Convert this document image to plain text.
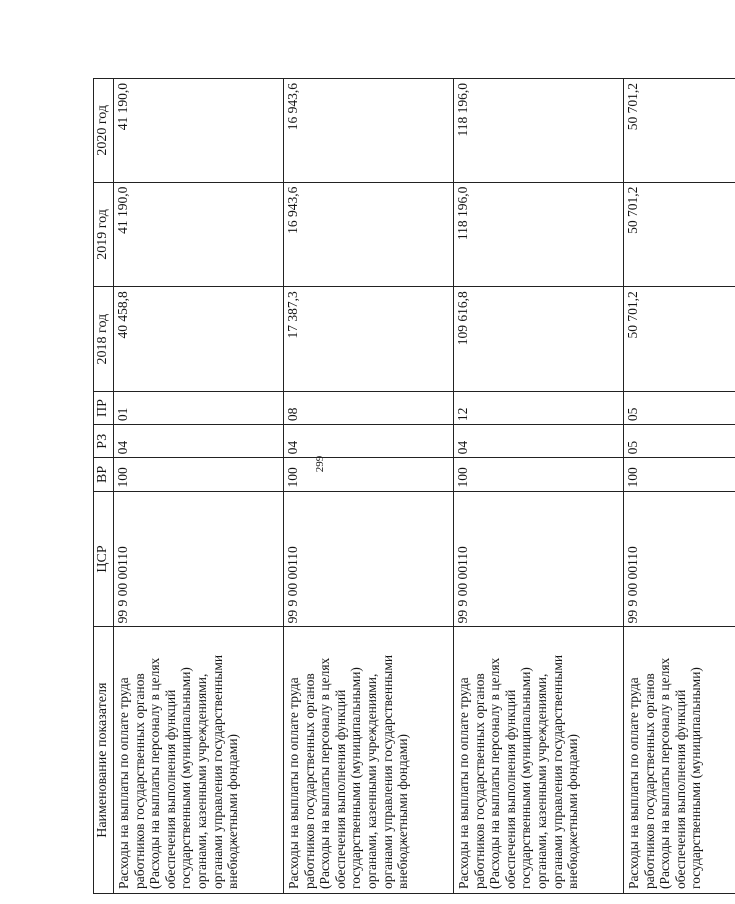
299
Наименование показателя	ЦСР	ВР	РЗ	ПР	2018 год	2019 год	2020 год
Расходы на выплаты по оплате труда работников государственных органов (Расходы на выплаты персоналу в целях обеспечения выполнения функций государственными (муниципальными) органами, казенными учреждениями, органами управления государственными внебюджетными фондами)	99 9 00 00110	100	04	01	40 458,8	41 190,0	41 190,0
Расходы на выплаты по оплате труда работников государственных органов (Расходы на выплаты персоналу в целях обеспечения выполнения функций государственными (муниципальными) органами, казенными учреждениями, органами управления государственными внебюджетными фондами)	99 9 00 00110	100	04	08	17 387,3	16 943,6	16 943,6
Расходы на выплаты по оплате труда работников государственных органов (Расходы на выплаты персоналу в целях обеспечения выполнения функций государственными (муниципальными) органами, казенными учреждениями, органами управления государственными внебюджетными фондами)	99 9 00 00110	100	04	12	109 616,8	118 196,0	118 196,0
Расходы на выплаты по оплате труда работников государственных органов (Расходы на выплаты персоналу в целях обеспечения выполнения функций государственными (муниципальными)	99 9 00 00110	100	05	05	50 701,2	50 701,2	50 701,2
